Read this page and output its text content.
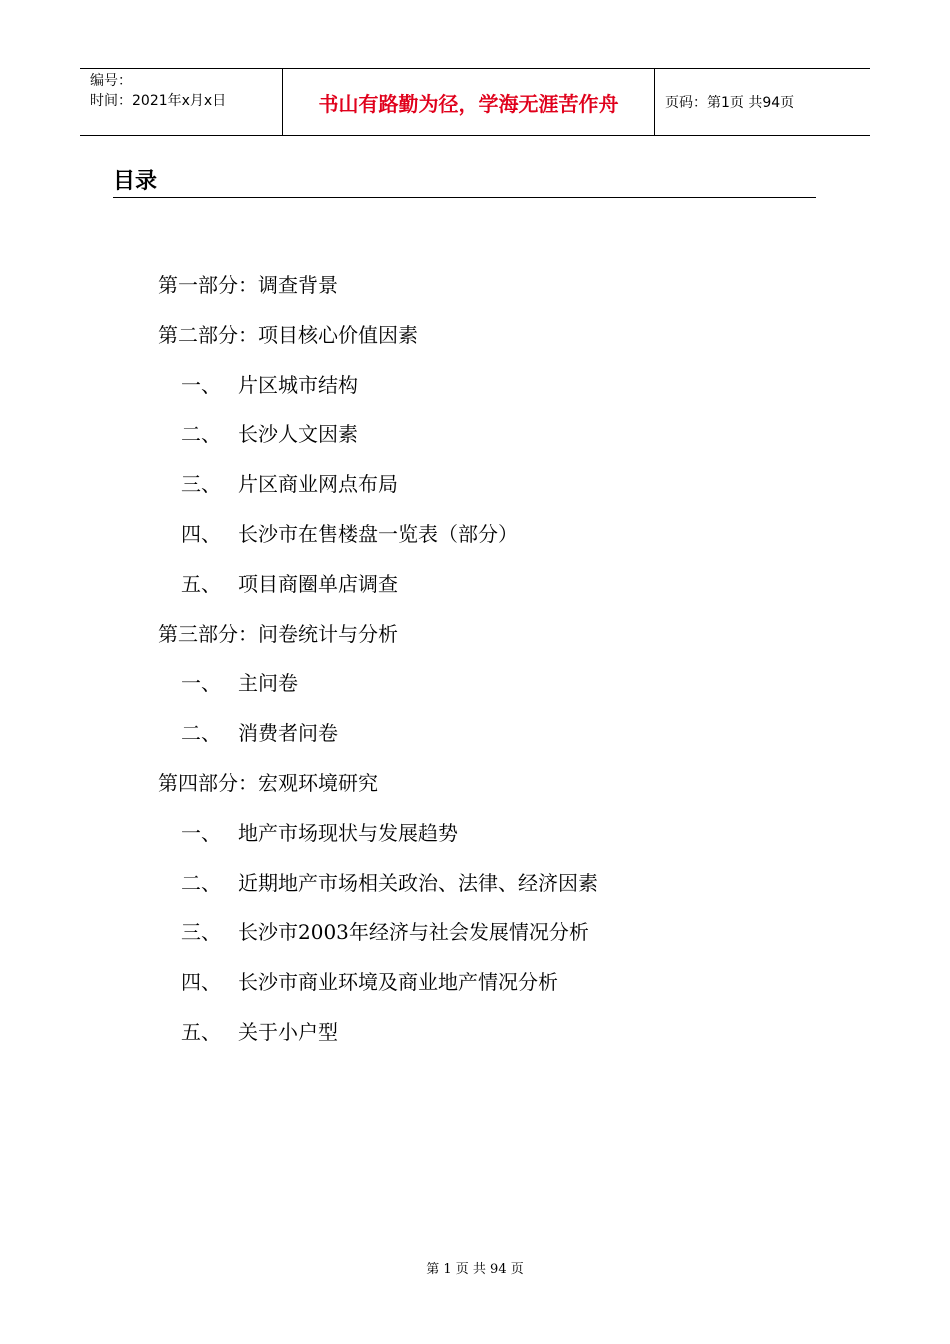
编号：
时间：2021年x月x日	书山有路勤为径，学海无涯苦作舟	页码：第1页 共94页
目录
第一部分：调查背景
第二部分：项目核心价值因素
一、 片区城市结构
二、 长沙人文因素
三、 片区商业网点布局
四、 长沙市在售楼盘一览表（部分）
五、 项目商圈单店调查
第三部分：问卷统计与分析
一、 主问卷
二、 消费者问卷
第四部分：宏观环境研究
一、 地产市场现状与发展趋势
二、 近期地产市场相关政治、法律、经济因素
三、 长沙市2003年经济与社会发展情况分析
四、 长沙市商业环境及商业地产情况分析
五、 关于小户型
第 1 页 共 94 页
